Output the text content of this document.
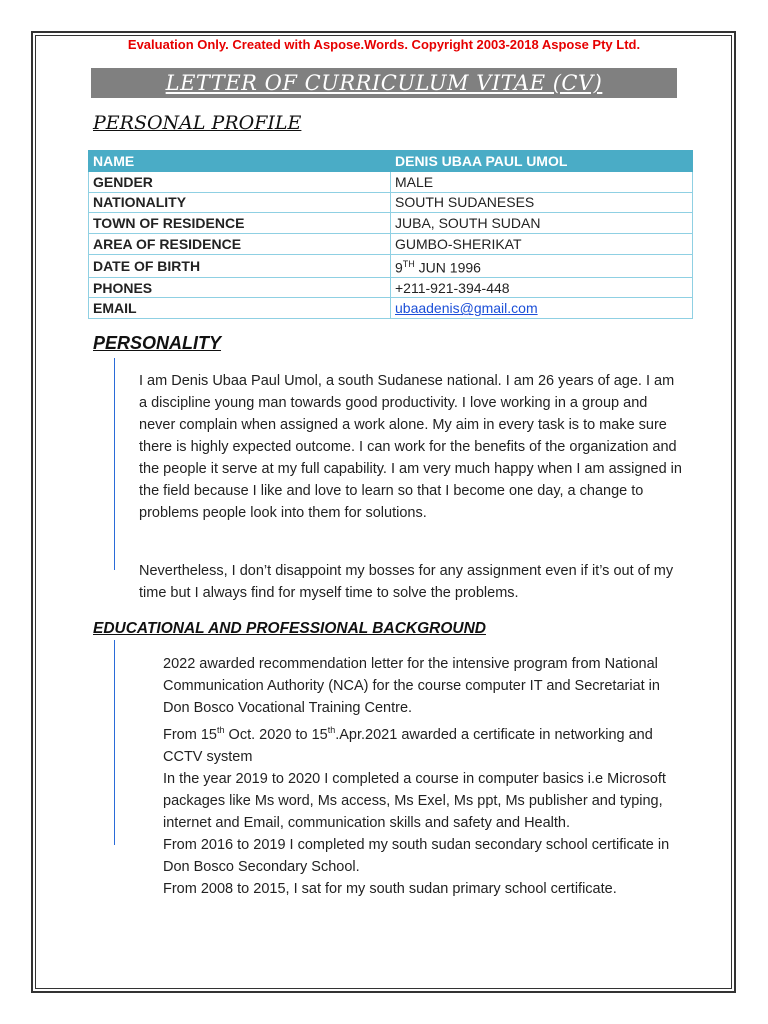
Evaluation Only. Created with Aspose.Words. Copyright 2003-2018 Aspose Pty Ltd.
LETTER OF CURRICULUM VITAE (CV)
PERSONAL PROFILE
NAME	DENIS UBAA PAUL UMOL
GENDER	MALE
NATIONALITY	SOUTH SUDANESES
TOWN OF RESIDENCE	JUBA, SOUTH SUDAN
AREA OF RESIDENCE	GUMBO-SHERIKAT
DATE OF BIRTH	9TH JUN 1996
PHONES	+211-921-394-448
EMAIL	ubaadenis@gmail.com
PERSONALITY

I am Denis Ubaa Paul Umol, a south Sudanese national. I am 26 years of age. I am a discipline young man towards good productivity. I love working in a group and never complain when assigned a work alone. My aim in every task is to make sure there is highly expected outcome. I can work for the benefits of the organization and the people it serve at my full capability. I am very much happy when I am assigned in the field because I like and love to learn so that I become one day, a change to problems people look into them for solutions.

Nevertheless, I don’t disappoint my bosses for any assignment even if it’s out of my time but I always find for myself time to solve the problems.

EDUCATIONAL AND PROFESSIONAL BACKGROUND
2022 awarded recommendation letter for the intensive program from National Communication Authority (NCA) for the course computer IT and Secretariat in Don Bosco Vocational Training Centre.
From 15th Oct. 2020 to 15th.Apr.2021 awarded a certificate in networking and CCTV system
In the year 2019 to 2020 I completed a course in computer basics i.e Microsoft packages like Ms word, Ms access, Ms Exel, Ms ppt, Ms publisher and typing, internet and Email, communication skills and safety and Health.
From 2016 to 2019 I completed my south sudan secondary school certificate in Don Bosco Secondary School.
From 2008 to 2015, I sat for my south sudan primary school certificate.
